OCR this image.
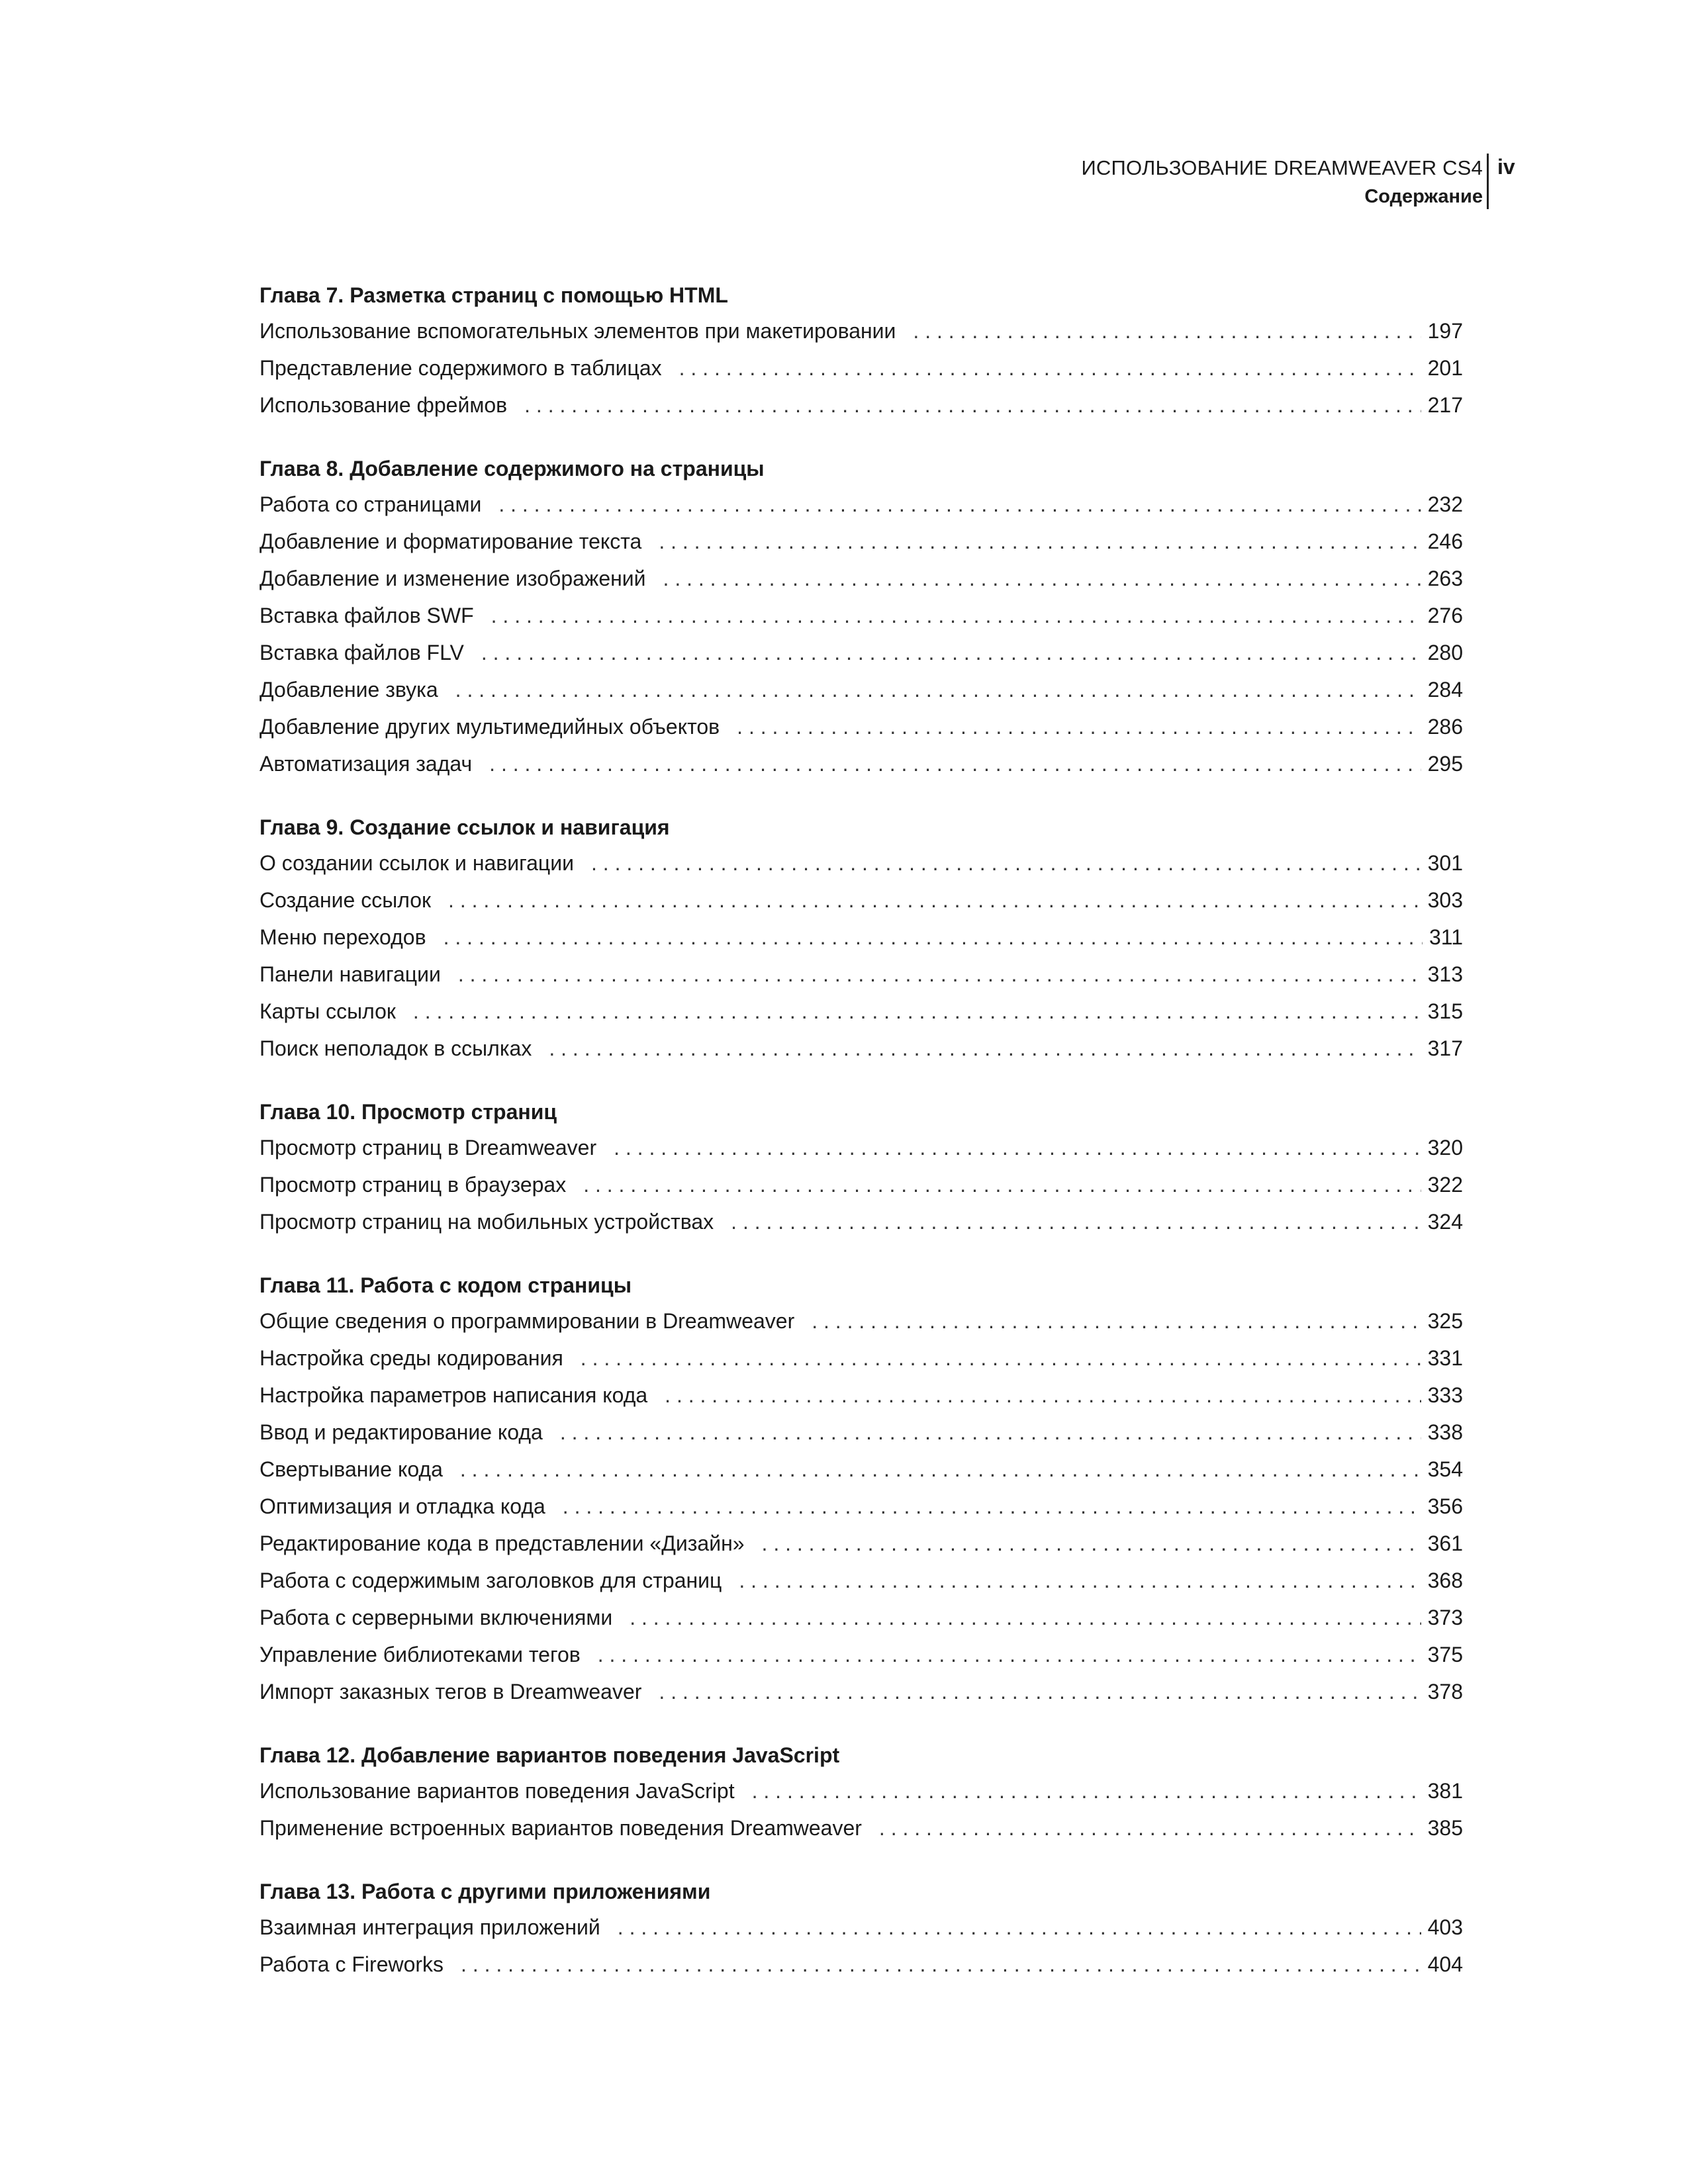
ИСПОЛЬЗОВАНИЕ DREAMWEAVER CS4
Содержание
iv
Глава 7. Разметка страниц с помощью HTML
Использование вспомогательных элементов при макетировании . . .	197
Представление содержимого в таблицах . . .	201
Использование фреймов . . .	217
Глава 8. Добавление содержимого на страницы
Работа со страницами . . .	232
Добавление и форматирование текста . . .	246
Добавление и изменение изображений . . .	263
Вставка файлов SWF . . .	276
Вставка файлов FLV . . .	280
Добавление звука . . .	284
Добавление других мультимедийных объектов . . .	286
Автоматизация задач . . .	295
Глава 9. Создание ссылок и навигация
О создании ссылок и навигации . . .	301
Создание ссылок . . .	303
Меню переходов . . .	311
Панели навигации . . .	313
Карты ссылок . . .	315
Поиск неполадок в ссылках . . .	317
Глава 10. Просмотр страниц
Просмотр страниц в Dreamweaver . . .	320
Просмотр страниц в браузерах . . .	322
Просмотр страниц на мобильных устройствах . . .	324
Глава 11. Работа с кодом страницы
Общие сведения о программировании в Dreamweaver . . .	325
Настройка среды кодирования . . .	331
Настройка параметров написания кода . . .	333
Ввод и редактирование кода . . .	338
Свертывание кода . . .	354
Оптимизация и отладка кода . . .	356
Редактирование кода в представлении «Дизайн» . . .	361
Работа с содержимым заголовков для страниц . . .	368
Работа с серверными включениями . . .	373
Управление библиотеками тегов . . .	375
Импорт заказных тегов в Dreamweaver . . .	378
Глава 12. Добавление вариантов поведения JavaScript
Использование вариантов поведения JavaScript . . .	381
Применение встроенных вариантов поведения Dreamweaver . . .	385
Глава 13. Работа с другими приложениями
Взаимная интеграция приложений . . .	403
Работа с Fireworks . . .	404
